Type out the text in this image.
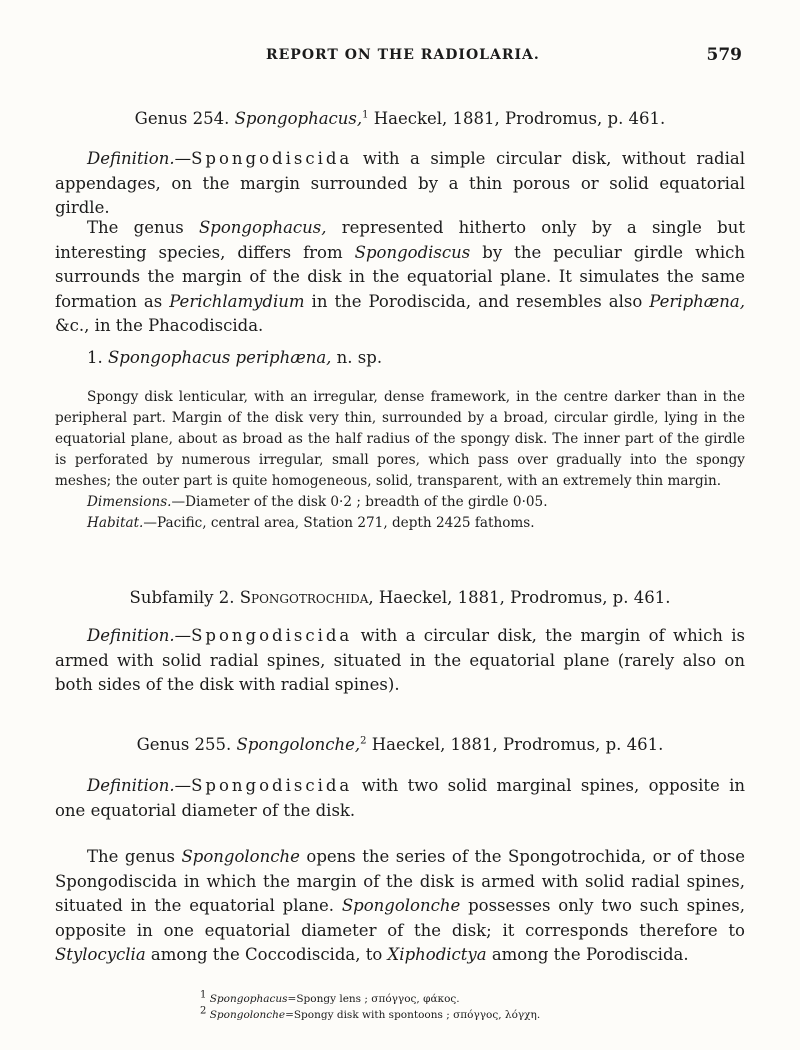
REPORT ON THE RADIOLARIA.	579
Genus 254. Spongophacus,$^1$ Haeckel, 1881, Prodromus, p. 461.
Definition.—Spongodiscida with a simple circular disk, without radial appendages, on the margin surrounded by a thin porous or solid equatorial girdle.
The genus Spongophacus, represented hitherto only by a single but interesting species, differs from Spongodiscus by the peculiar girdle which surrounds the margin of the disk in the equatorial plane. It simulates the same formation as Perichlamydium in the Porodiscida, and resembles also Periphæna, &c., in the Phacodiscida.
1. Spongophacus periphæna, n. sp.
Spongy disk lenticular, with an irregular, dense framework, in the centre darker than in the peripheral part. Margin of the disk very thin, surrounded by a broad, circular girdle, lying in the equatorial plane, about as broad as the half radius of the spongy disk. The inner part of the girdle is perforated by numerous irregular, small pores, which pass over gradually into the spongy meshes; the outer part is quite homogeneous, solid, transparent, with an extremely thin margin.
Dimensions.—Diameter of the disk 0·2 ; breadth of the girdle 0·05.
Habitat.—Pacific, central area, Station 271, depth 2425 fathoms.
Subfamily 2. Spongotrochida, Haeckel, 1881, Prodromus, p. 461.
Definition.—Spongodiscida with a circular disk, the margin of which is armed with solid radial spines, situated in the equatorial plane (rarely also on both sides of the disk with radial spines).
Genus 255. Spongolonche,$^2$ Haeckel, 1881, Prodromus, p. 461.
Definition.—Spongodiscida with two solid marginal spines, opposite in one equatorial diameter of the disk.
The genus Spongolonche opens the series of the Spongotrochida, or of those Spongodiscida in which the margin of the disk is armed with solid radial spines, situated in the equatorial plane. Spongolonche possesses only two such spines, opposite in one equatorial diameter of the disk; it corresponds therefore to Stylocyclia among the Coccodiscida, to Xiphodictya among the Porodiscida.
$^1$ Spongophacus=Spongy lens ; σπόγγος, φάκος.
$^2$ Spongolonche=Spongy disk with spontoons ; σπόγγος, λόγχη.
